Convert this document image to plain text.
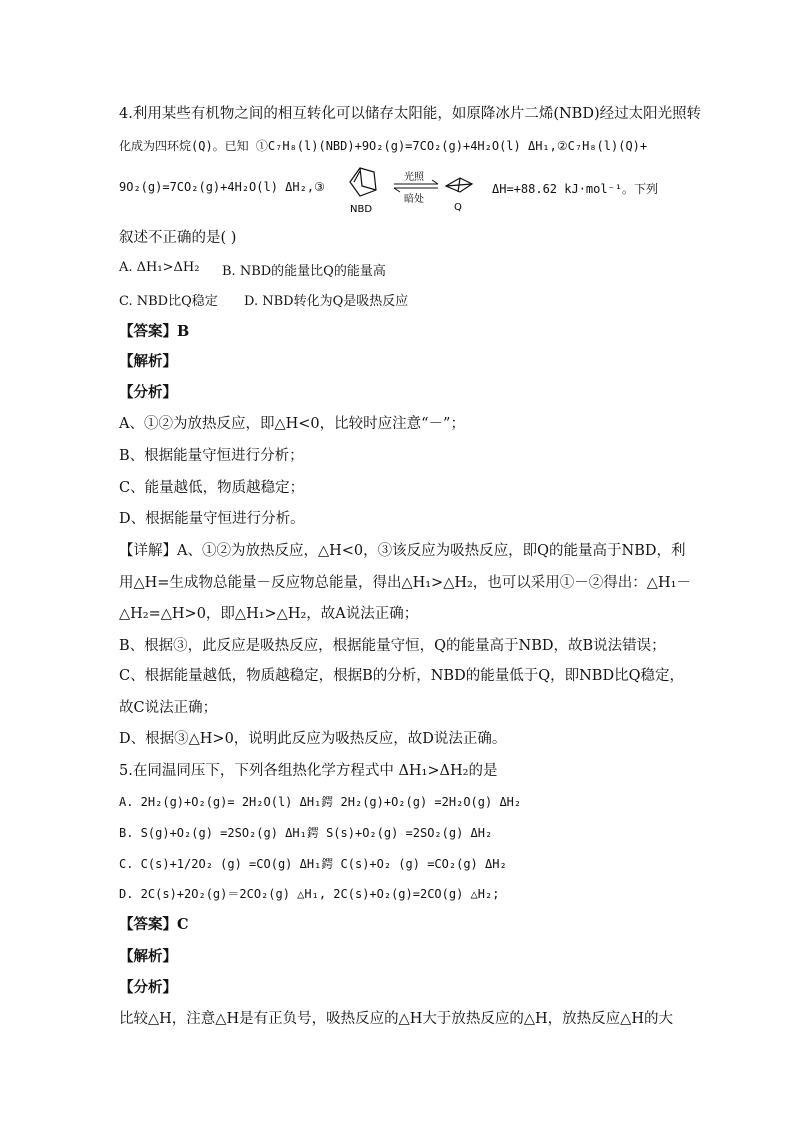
4.利用某些有机物之间的相互转化可以储存太阳能，如原降冰片二烯(NBD)经过太阳光照转
化成为四环烷(Q)。已知 ①C₇H₈(l)(NBD)+9O₂(g)=7CO₂(g)+4H₂O(l) ΔH₁,②C₇H₈(l)(Q)+
9O₂(g)=7CO₂(g)+4H₂O(l) ΔH₂,③
NBD
光照
暗处
Q
ΔH=+88.62 kJ·mol⁻¹。下列
叙述不正确的是( )
A. ΔH₁>ΔH₂ B. NBD的能量比Q的能量高
C. NBD比Q稳定 D. NBD转化为Q是吸热反应
【答案】B
【解析】
【分析】
A、①②为放热反应，即△H<0，比较时应注意“－”；
B、根据能量守恒进行分析；
C、能量越低，物质越稳定；
D、根据能量守恒进行分析。
【详解】A、①②为放热反应，△H<0，③该反应为吸热反应，即Q的能量高于NBD，利
用△H=生成物总能量－反应物总能量，得出△H₁>△H₂，也可以采用①－②得出：△H₁－
△H₂=△H>0，即△H₁>△H₂，故A说法正确；
B、根据③，此反应是吸热反应，根据能量守恒，Q的能量高于NBD，故B说法错误；
C、根据能量越低，物质越稳定，根据B的分析，NBD的能量低于Q，即NBD比Q稳定，
故C说法正确；
D、根据③△H>0，说明此反应为吸热反应，故D说法正确。
5.在同温同压下，下列各组热化学方程式中 ΔH₁>ΔH₂的是
A. 2H₂(g)+O₂(g)= 2H₂O(l) ΔH₁鍔 2H₂(g)+O₂(g) =2H₂O(g) ΔH₂
B. S(g)+O₂(g) =2SO₂(g) ΔH₁鍔 S(s)+O₂(g) =2SO₂(g) ΔH₂
C. C(s)+1/2O₂ (g) =CO(g) ΔH₁鍔 C(s)+O₂ (g) =CO₂(g) ΔH₂
D. 2C(s)+2O₂(g)＝2CO₂(g) △H₁, 2C(s)+O₂(g)=2CO(g) △H₂;
【答案】C
【解析】
【分析】
比较△H，注意△H是有正负号，吸热反应的△H大于放热反应的△H，放热反应△H的大
